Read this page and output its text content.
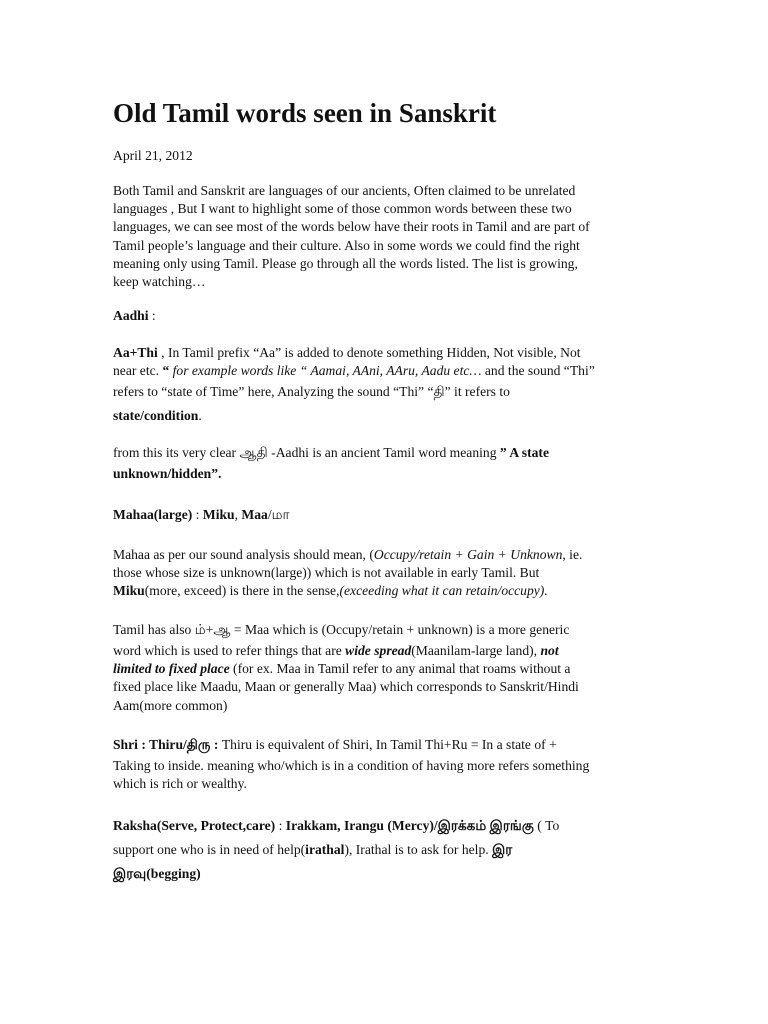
Old Tamil words seen in Sanskrit
April 21, 2012
Both Tamil and Sanskrit are languages of our ancients, Often claimed to be unrelated
languages , But I want to highlight some of those common words between these two
languages, we can see most of the words below have their roots in Tamil and are part of
Tamil people’s language and their culture. Also in some words we could find the right
meaning only using Tamil. Please go through all the words listed. The list is growing,
keep watching…
Aadhi :
Aa+Thi , In Tamil prefix “Aa” is added to denote something Hidden, Not visible, Not
near etc. “ for example words like “ Aamai, AAni, AAru, Aadu etc… and the sound “Thi”
refers to “state of Time” here, Analyzing the sound “Thi” “தி” it refers to
state/condition.
from this its very clear ஆதி -Aadhi is an ancient Tamil word meaning ” A state
unknown/hidden”.
Mahaa(large) : Miku, Maa/மா
Mahaa as per our sound analysis should mean, (Occupy/retain + Gain + Unknown, ie.
those whose size is unknown(large)) which is not available in early Tamil. But
Miku(more, exceed) is there in the sense,(exceeding what it can retain/occupy).
Tamil has also ம்+ஆ = Maa which is (Occupy/retain + unknown) is a more generic
word which is used to refer things that are wide spread(Maanilam-large land), not
limited to fixed place (for ex. Maa in Tamil refer to any animal that roams without a
fixed place like Maadu, Maan or generally Maa) which corresponds to Sanskrit/Hindi
Aam(more common)
Shri : Thiru/திரு : Thiru is equivalent of Shiri, In Tamil Thi+Ru = In a state of +
Taking to inside. meaning who/which is in a condition of having more refers something
which is rich or wealthy.
Raksha(Serve, Protect,care) : Irakkam, Irangu (Mercy)/இரக்கம் இரங்கு ( To
support one who is in need of help(irathal), Irathal is to ask for help. இர
இரவு(begging)
